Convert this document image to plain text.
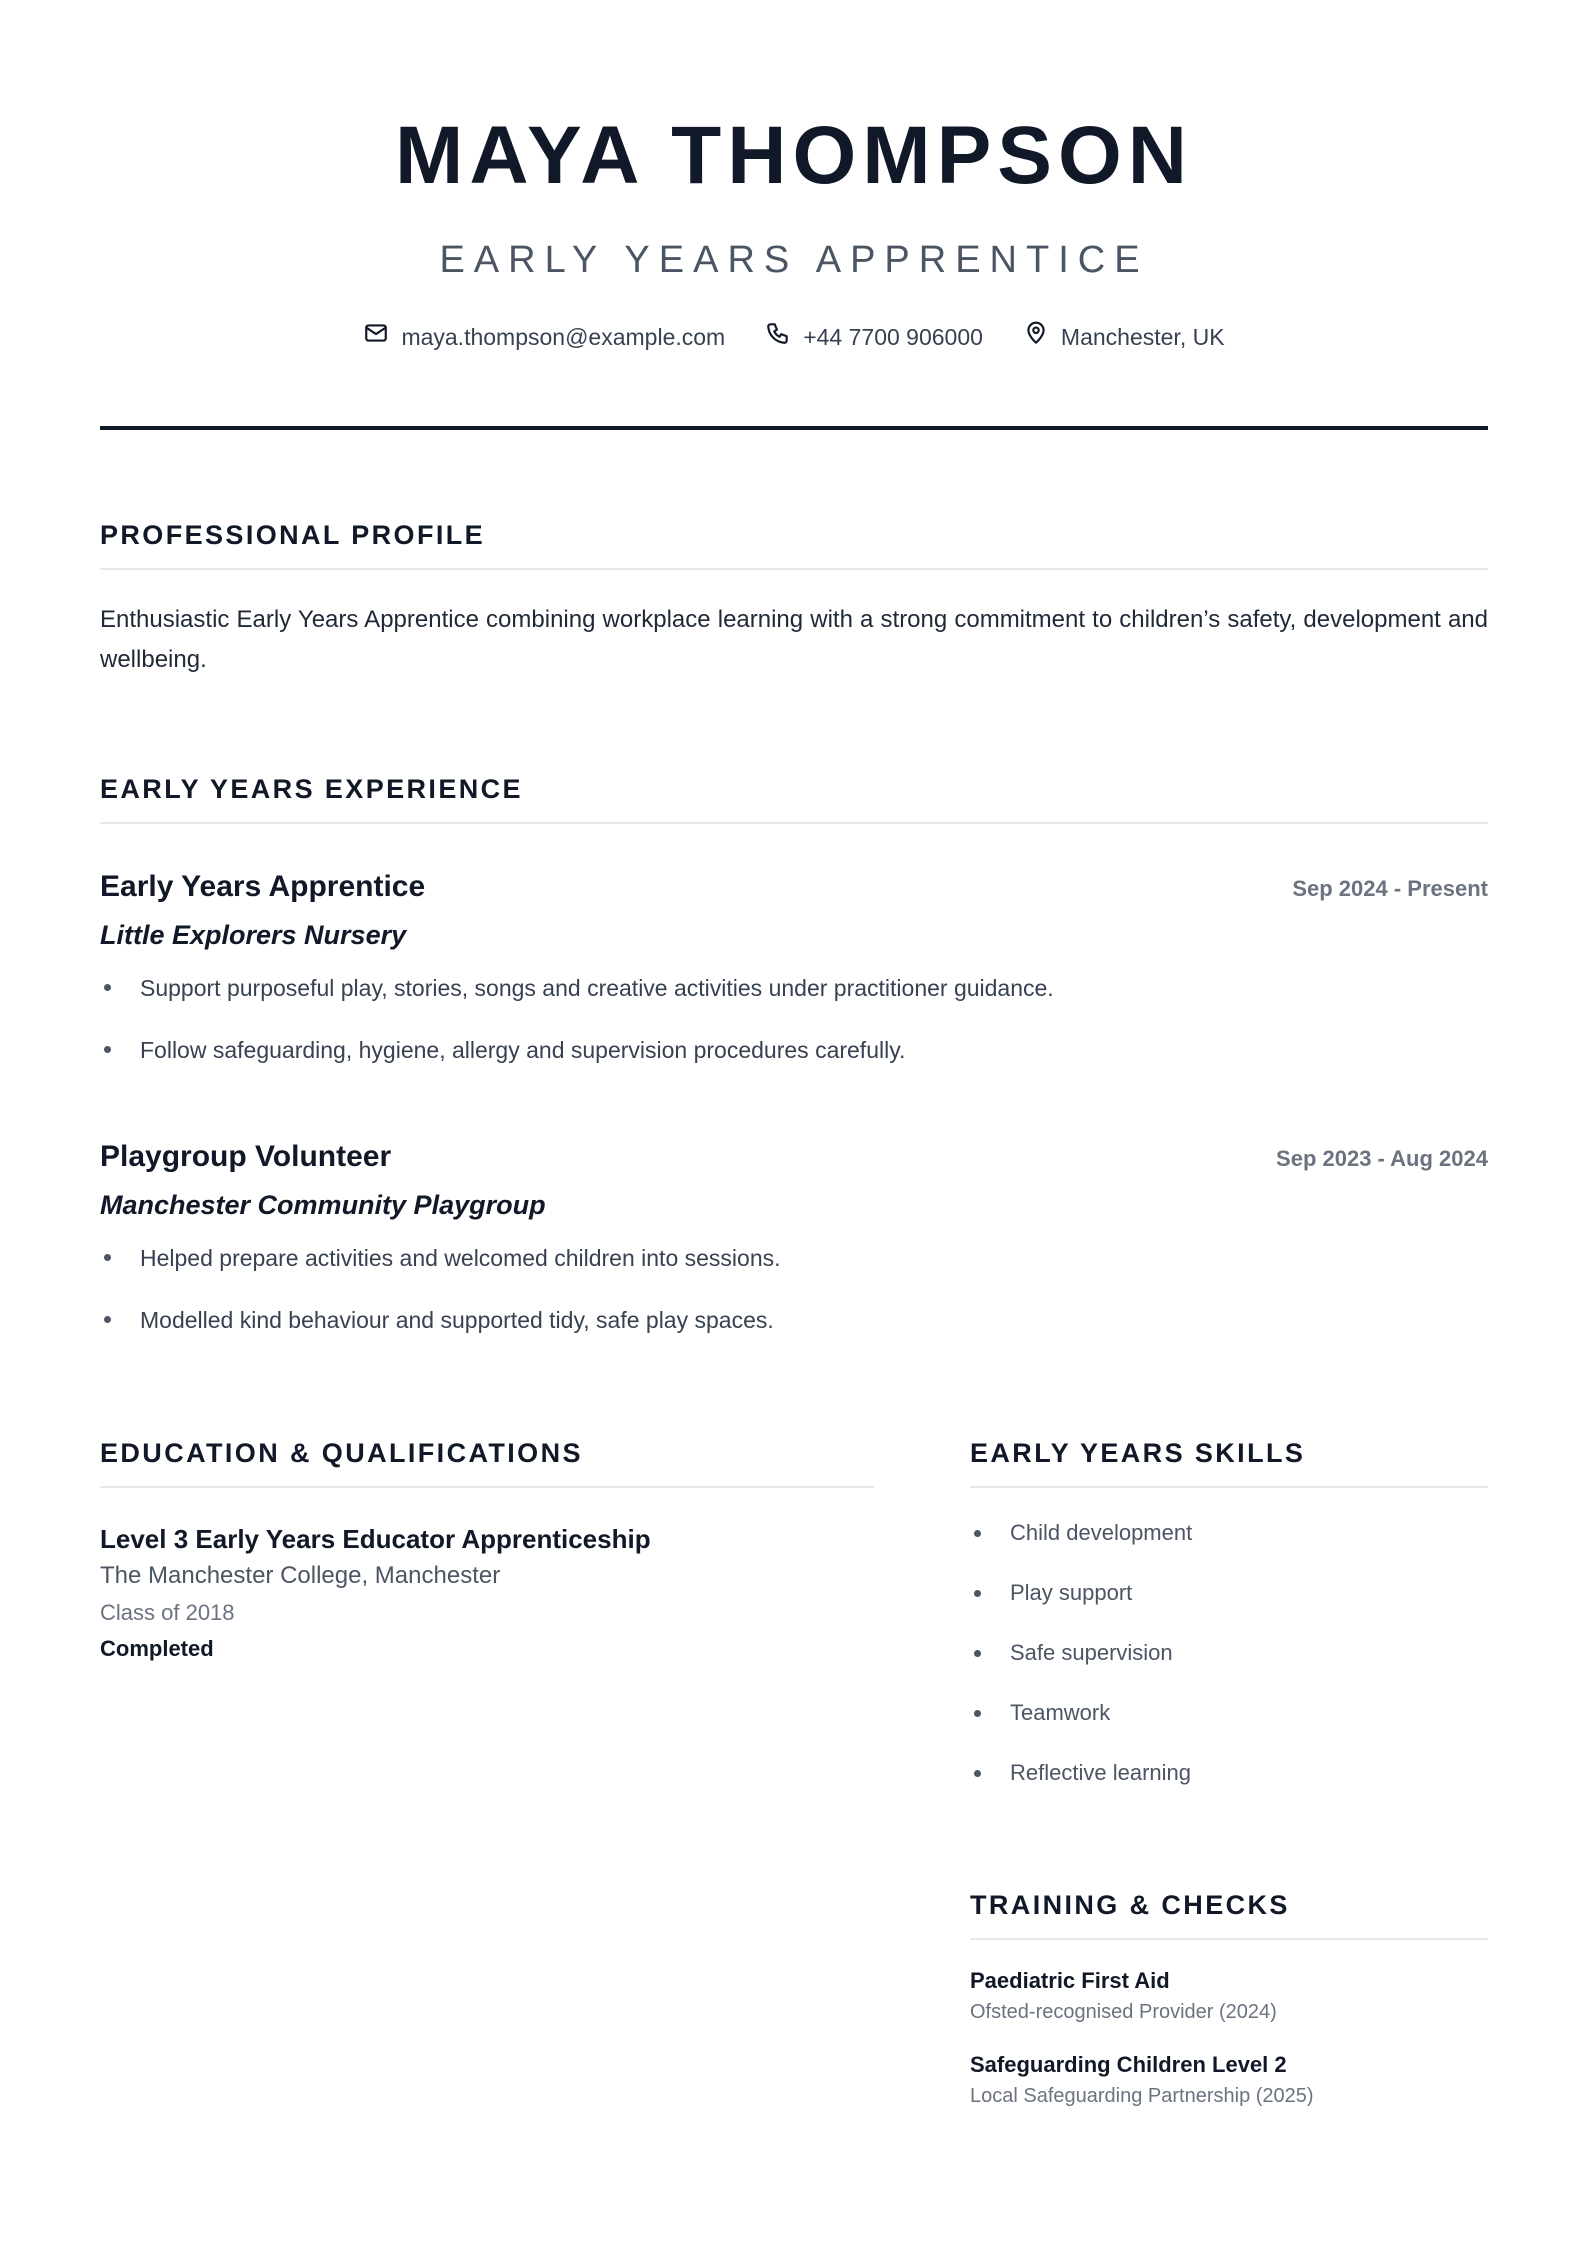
MAYA THOMPSON
EARLY YEARS APPRENTICE
maya.thompson@example.com	+44 7700 906000	Manchester, UK
PROFESSIONAL PROFILE

Enthusiastic Early Years Apprentice combining workplace learning with a strong commitment to children’s safety, development and wellbeing.

EARLY YEARS EXPERIENCE
Early Years Apprentice	Sep 2024 - Present
Little Explorers Nursery
Support purposeful play, stories, songs and creative activities under practitioner guidance.
Follow safeguarding, hygiene, allergy and supervision procedures carefully.
Playgroup Volunteer	Sep 2023 - Aug 2024
Manchester Community Playgroup
Helped prepare activities and welcomed children into sessions.
Modelled kind behaviour and supported tidy, safe play spaces.
EDUCATION & QUALIFICATIONS
Level 3 Early Years Educator Apprenticeship
The Manchester College, Manchester
Class of 2018
Completed
EARLY YEARS SKILLS
Child development
Play support
Safe supervision
Teamwork
Reflective learning
TRAINING & CHECKS
Paediatric First Aid
Ofsted-recognised Provider (2024)
Safeguarding Children Level 2
Local Safeguarding Partnership (2025)
